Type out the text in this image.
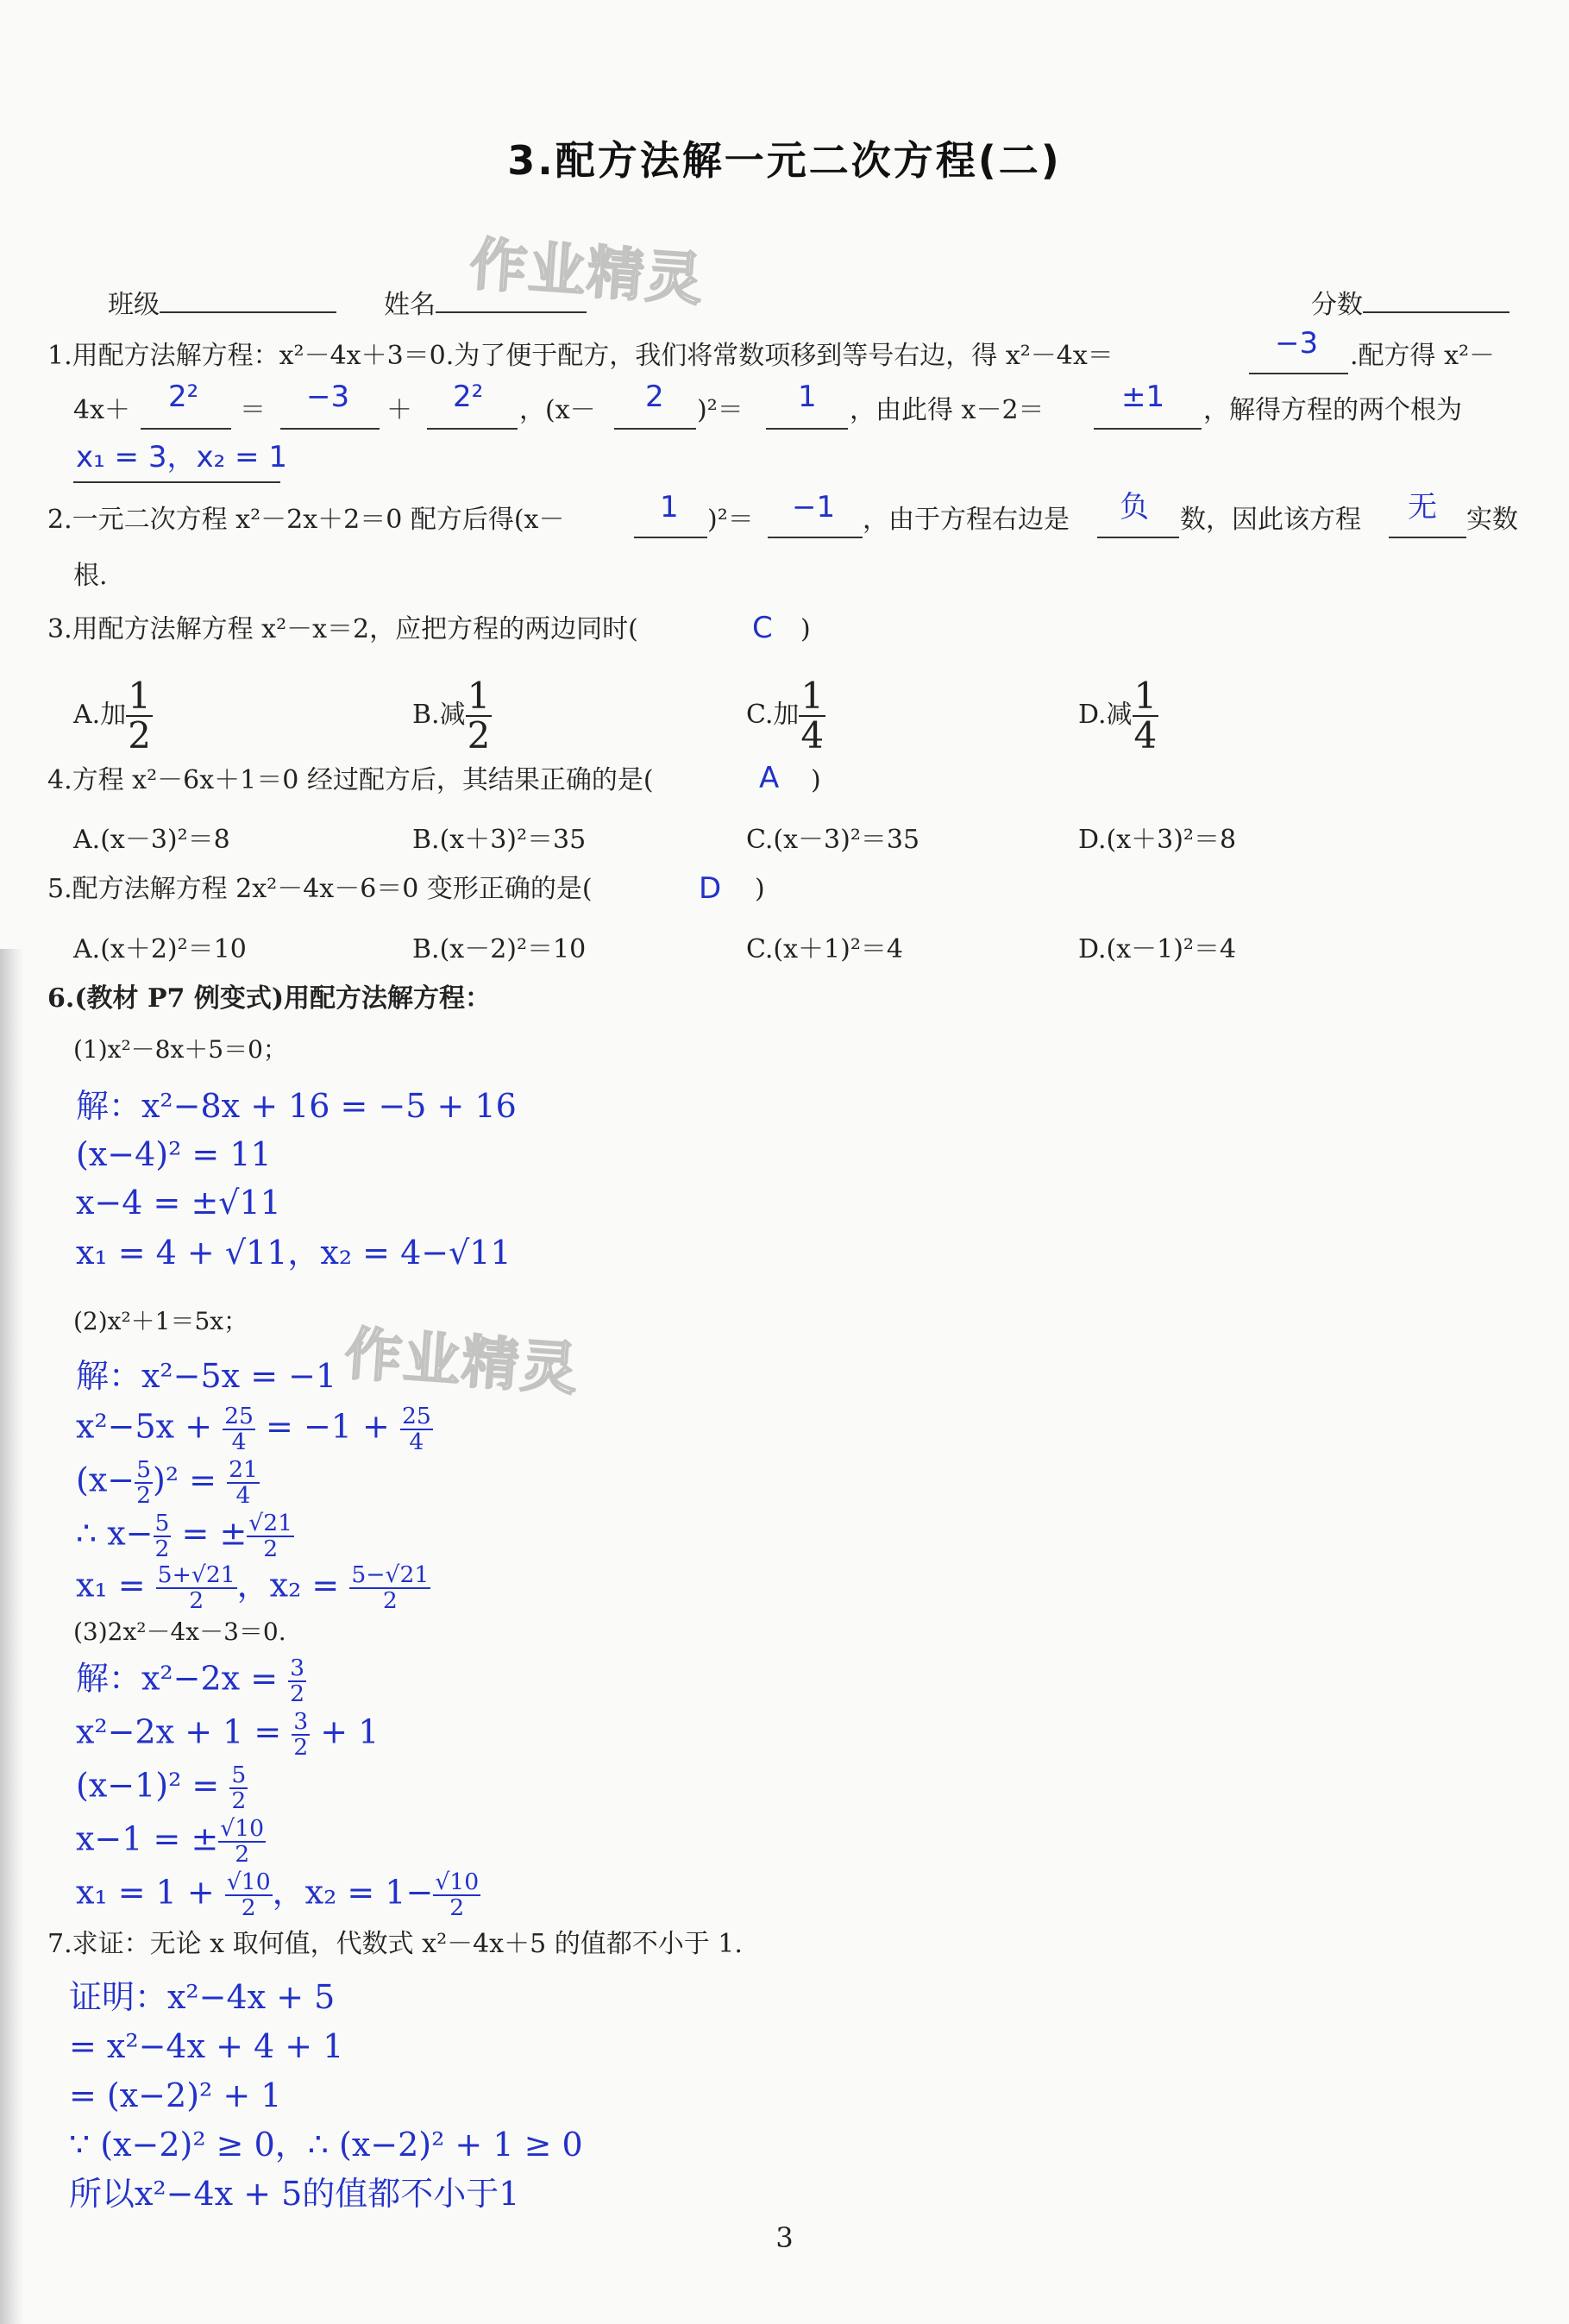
3.配方法解一元二次方程(二)
作业精灵
作业精灵
班级	姓名	分数
1.用配方法解方程：x²－4x＋3＝0.为了便于配方，我们将常数项移到等号右边，得 x²－4x＝	−3 .配方得 x²－
4x＋ 2² ＝ −3 ＋ 2² ，(x－ 2 )²＝ 1 ，由此得 x－2＝	±1 ，解得方程的两个根为
x₁ = 3，x₂ = 1
2.一元二次方程 x²－2x＋2＝0 配方后得(x－	1 )²＝ −1 ，由于方程右边是 负 数，因此该方程 无 实数
根.
3.用配方法解方程 x²－x＝2，应把方程的两边同时(	C )
A.加 $\frac{1}{2}$	B.减 $\frac{1}{2}$	C.加 $\frac{1}{4}$	D.减 $\frac{1}{4}$
4.方程 x²－6x＋1＝0 经过配方后，其结果正确的是(	A )
A.(x－3)²＝8	B.(x＋3)²＝35	C.(x－3)²＝35	D.(x＋3)²＝8
5.配方法解方程 2x²－4x－6＝0 变形正确的是(	D )
A.(x＋2)²＝10	B.(x－2)²＝10	C.(x＋1)²＝4	D.(x－1)²＝4
6.(教材 P7 例变式)用配方法解方程：
(1)x²－8x＋5＝0；
解：x²−8x + 16 = −5 + 16
(x−4)² = 11
x−4 = ±√11
x₁ = 4 + √11，x₂ = 4−√11
(2)x²＋1＝5x；
解：x²−5x = −1
$x^2-5x + \frac{25}{4} = -1 + \frac{25}{4}$
$(x- \frac{5}{2} )^2 = \frac{21}{4}$
∴ $x- \frac{5}{2}$ = ± $\frac{√21}{2}$
$x_1 = \frac{5+√21}{2}$ ，$x_2 = \frac{5-√21}{2}$
(3)2x²－4x－3＝0.
解：$x^2-2x = \frac{3}{2}$
$x^2-2x + 1 = \frac{3}{2} + 1$
$(x-1)^2 = \frac{5}{2}$
x−1 = ± $\frac{√10}{2}$
$x_1 = 1 + \frac{√10}{2}$ ，$x_2 = 1- \frac{√10}{2}$
7.求证：无论 x 取何值，代数式 x²－4x＋5 的值都不小于 1.
证明：x²−4x + 5
= x²−4x + 4 + 1
= (x−2)² + 1
∵ (x−2)² ≥ 0，∴ (x−2)² + 1 ≥ 0
所以x²−4x + 5的值都不小于1
3
